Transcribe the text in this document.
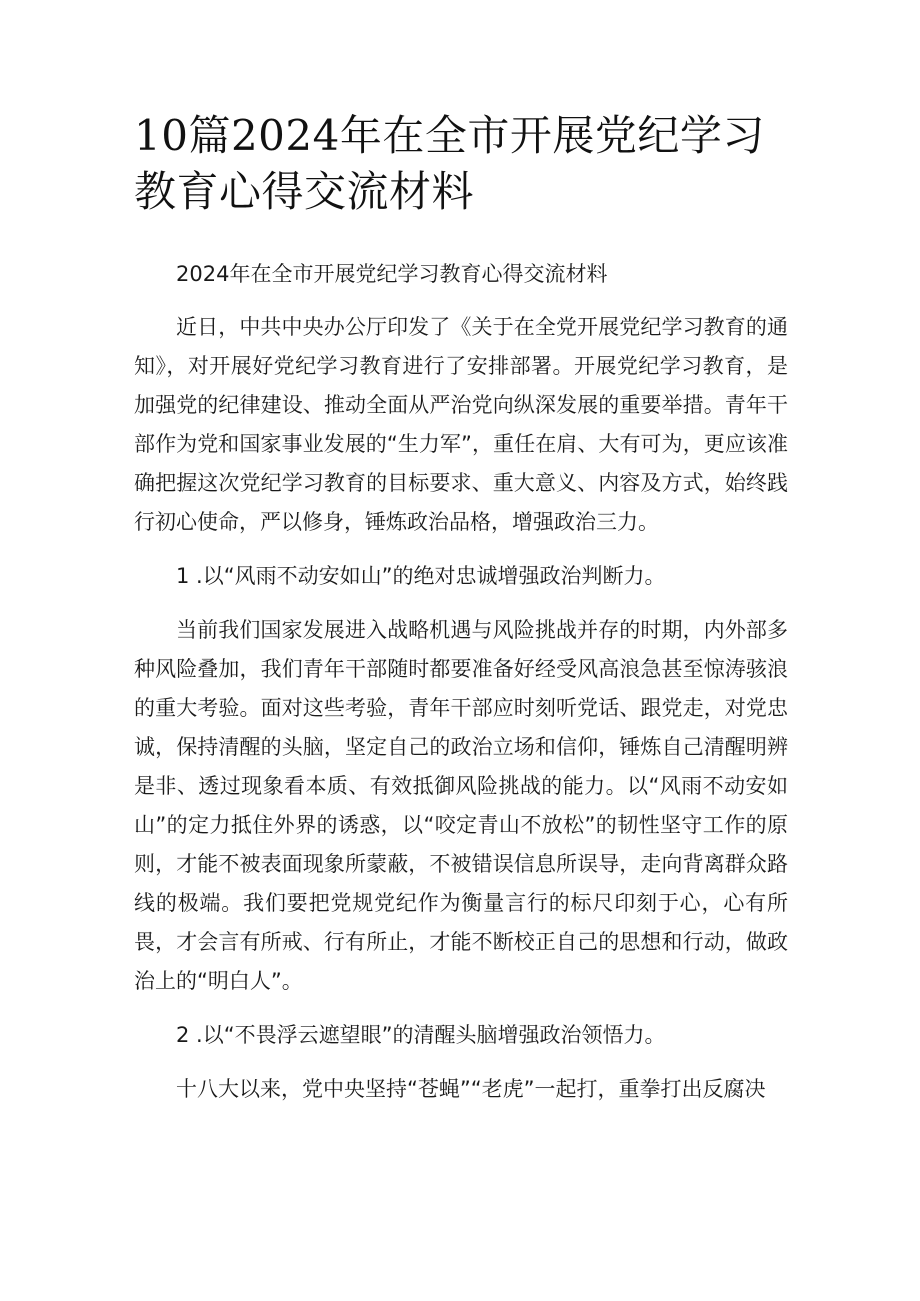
10篇2024年在全市开展党纪学习教育心得交流材料

2024年在全市开展党纪学习教育心得交流材料

近日，中共中央办公厅印发了《关于在全党开展党纪学习教育的通知》，对开展好党纪学习教育进行了安排部署。开展党纪学习教育，是加强党的纪律建设、推动全面从严治党向纵深发展的重要举措。青年干部作为党和国家事业发展的“生力军”，重任在肩、大有可为，更应该准确把握这次党纪学习教育的目标要求、重大意义、内容及方式，始终践行初心使命，严以修身，锤炼政治品格，增强政治三力。

1 .以“风雨不动安如山”的绝对忠诚增强政治判断力。

当前我们国家发展进入战略机遇与风险挑战并存的时期，内外部多种风险叠加，我们青年干部随时都要准备好经受风高浪急甚至惊涛骇浪的重大考验。面对这些考验，青年干部应时刻听党话、跟党走，对党忠诚，保持清醒的头脑，坚定自己的政治立场和信仰，锤炼自己清醒明辨是非、透过现象看本质、有效抵御风险挑战的能力。以“风雨不动安如山”的定力抵住外界的诱惑，以“咬定青山不放松”的韧性坚守工作的原则，才能不被表面现象所蒙蔽，不被错误信息所误导，走向背离群众路线的极端。我们要把党规党纪作为衡量言行的标尺印刻于心，心有所畏，才会言有所戒、行有所止，才能不断校正自己的思想和行动，做政治上的“明白人”。

2 .以“不畏浮云遮望眼”的清醒头脑增强政治领悟力。

十八大以来，党中央坚持“苍蝇”“老虎”一起打，重拳打出反腐决
